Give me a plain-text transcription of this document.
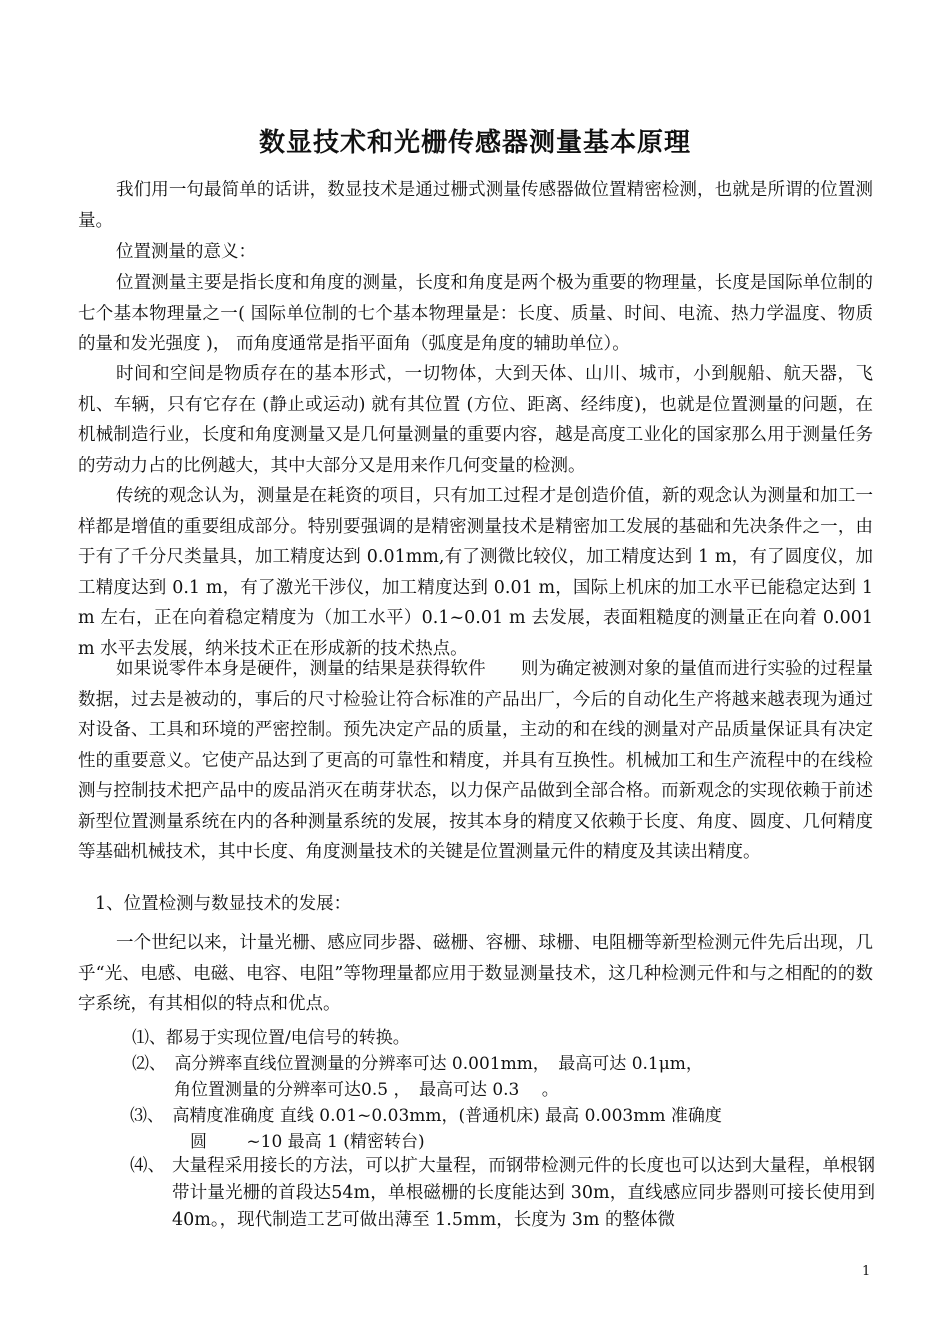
数显技术和光栅传感器测量基本原理

我们用一句最简单的话讲，数显技术是通过栅式测量传感器做位置精密检测，也就是所谓的位置测量。

位置测量的意义：

位置测量主要是指长度和角度的测量，长度和角度是两个极为重要的物理量，长度是国际单位制的七个基本物理量之一( 国际单位制的七个基本物理量是：长度、质量、时间、电流、热力学温度、物质的量和发光强度 )， 而角度通常是指平面角（弧度是角度的辅助单位）。

时间和空间是物质存在的基本形式，一切物体，大到天体、山川、城市，小到舰船、航天器，飞机、车辆，只有它存在 (静止或运动) 就有其位置 (方位、距离、经纬度)，也就是位置测量的问题，在机械制造行业，长度和角度测量又是几何量测量的重要内容，越是高度工业化的国家那么用于测量任务的劳动力占的比例越大，其中大部分又是用来作几何变量的检测。

传统的观念认为，测量是在耗资的项目，只有加工过程才是创造价值，新的观念认为测量和加工一样都是增值的重要组成部分。特别要强调的是精密测量技术是精密加工发展的基础和先决条件之一，由于有了千分尺类量具，加工精度达到 0.01mm,有了测微比较仪，加工精度达到 1 m，有了圆度仪，加工精度达到 0.1 m，有了激光干涉仪，加工精度达到 0.01 m，国际上机床的加工水平已能稳定达到 1 m 左右，正在向着稳定精度为（加工水平）0.1~0.01 m 去发展，表面粗糙度的测量正在向着 0.001 m 水平去发展，纳米技术正在形成新的技术热点。

如果说零件本身是硬件，测量的结果是获得软件　　则为确定被测对象的量值而进行实验的过程量数据，过去是被动的，事后的尺寸检验让符合标准的产品出厂，今后的自动化生产将越来越表现为通过对设备、工具和环境的严密控制。预先决定产品的质量，主动的和在线的测量对产品质量保证具有决定性的重要意义。它使产品达到了更高的可靠性和精度，并具有互换性。机械加工和生产流程中的在线检测与控制技术把产品中的废品消灭在萌芽状态，以力保产品做到全部合格。而新观念的实现依赖于前述新型位置测量系统在内的各种测量系统的发展，按其本身的精度又依赖于长度、角度、圆度、几何精度等基础机械技术，其中长度、角度测量技术的关键是位置测量元件的精度及其读出精度。

1、位置检测与数显技术的发展：

一个世纪以来，计量光栅、感应同步器、磁栅、容栅、球栅、电阻栅等新型检测元件先后出现，几乎“光、电感、电磁、电容、电阻”等物理量都应用于数显测量技术，这几种检测元件和与之相配的的数字系统，有其相似的特点和优点。

⑴、都易于实现位置/电信号的转换。

⑵、　高分辨率直线位置测量的分辨率可达 0.001mm，　最高可达 0.1μm，

角位置测量的分辨率可达0.5 ，　最高可达 0.3　 。

⑶、　高精度准确度 直线 0.01~0.03mm，(普通机床) 最高 0.003mm 准确度

圆　　 ~10 最高 1 (精密转台)

⑷、 大量程采用接长的方法，可以扩大量程，而钢带检测元件的长度也可以达到大量程，单根钢带计量光栅的首段达54m，单根磁栅的长度能达到 30m，直线感应同步器则可接长使用到 40m。，现代制造工艺可做出薄至 1.5mm，长度为 3m 的整体微
1
